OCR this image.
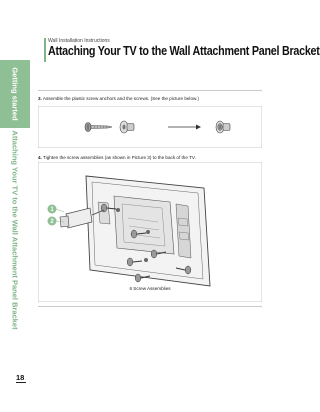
Getting started
Attaching Your TV to the Wall Attachment Panel Bracket
Wall Installation Instructions
Attaching Your TV to the Wall Attachment Panel Bracket
3. Assemble the plastic screw anchors and the screws. (See the picture below.)
4. Tighten the screw assemblies (as shown in Picture 3) to the back of the TV.
1
2
6 Screw Assemblies
18
